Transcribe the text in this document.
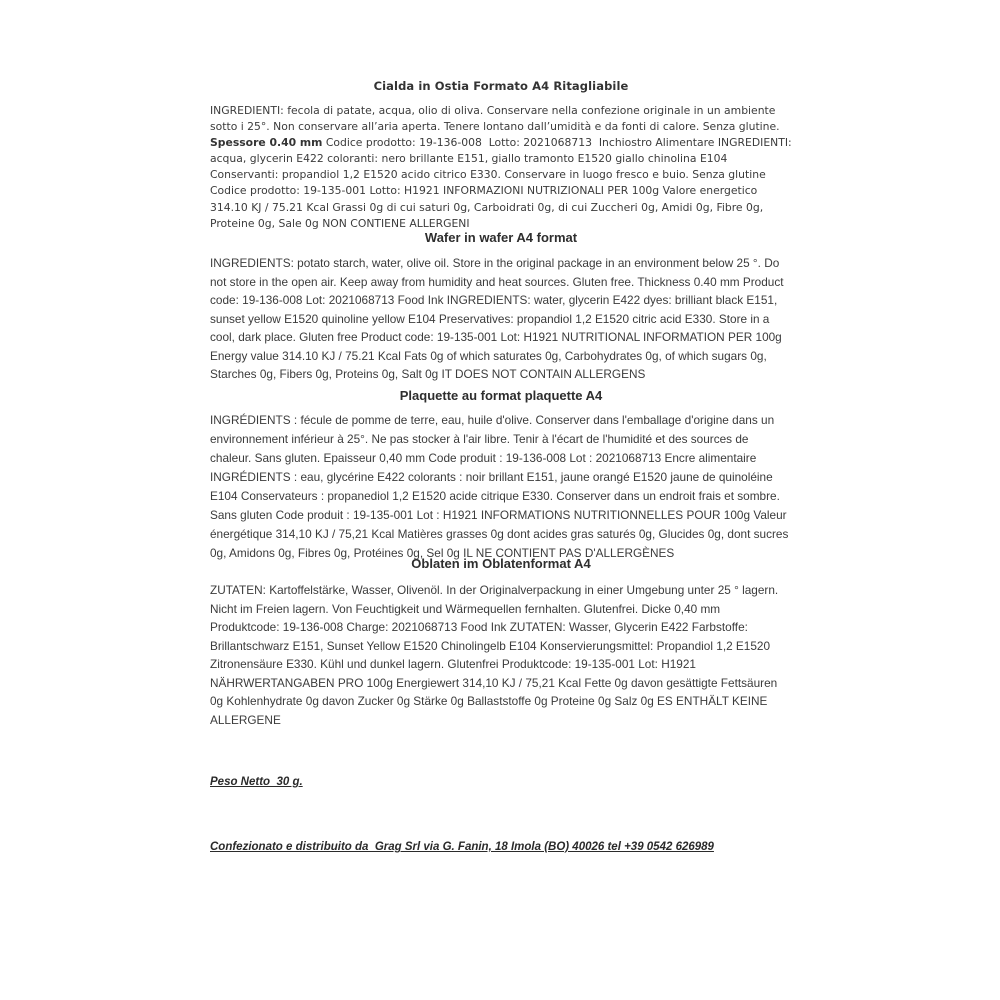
Cialda in Ostia Formato A4 Ritagliabile
INGREDIENTI: fecola di patate, acqua, olio di oliva. Conservare nella confezione originale in un ambiente sotto i 25°. Non conservare all’aria aperta. Tenere lontano dall’umidità e da fonti di calore. Senza glutine. Spessore 0.40 mm Codice prodotto: 19-136-008  Lotto: 2021068713  Inchiostro Alimentare INGREDIENTI: acqua, glycerin E422 coloranti: nero brillante E151, giallo tramonto E1520 giallo chinolina E104 Conservanti: propandiol 1,2 E1520 acido citrico E330. Conservare in luogo fresco e buio. Senza glutine Codice prodotto: 19-135-001 Lotto: H1921 INFORMAZIONI NUTRIZIONALI PER 100g Valore energetico 314.10 KJ / 75.21 Kcal Grassi 0g di cui saturi 0g, Carboidrati 0g, di cui Zuccheri 0g, Amidi 0g, Fibre 0g, Proteine 0g, Sale 0g NON CONTIENE ALLERGENI
Wafer in wafer A4 format
INGREDIENTS: potato starch, water, olive oil. Store in the original package in an environment below 25 °. Do not store in the open air. Keep away from humidity and heat sources. Gluten free. Thickness 0.40 mm Product code: 19-136-008 Lot: 2021068713 Food Ink INGREDIENTS: water, glycerin E422 dyes: brilliant black E151, sunset yellow E1520 quinoline yellow E104 Preservatives: propandiol 1,2 E1520 citric acid E330. Store in a cool, dark place. Gluten free Product code: 19-135-001 Lot: H1921 NUTRITIONAL INFORMATION PER 100g Energy value 314.10 KJ / 75.21 Kcal Fats 0g of which saturates 0g, Carbohydrates 0g, of which sugars 0g, Starches 0g, Fibers 0g, Proteins 0g, Salt 0g IT DOES NOT CONTAIN ALLERGENS
Plaquette au format plaquette A4
INGRÉDIENTS : fécule de pomme de terre, eau, huile d'olive. Conserver dans l'emballage d'origine dans un environnement inférieur à 25°. Ne pas stocker à l'air libre. Tenir à l'écart de l'humidité et des sources de chaleur. Sans gluten. Epaisseur 0,40 mm Code produit : 19-136-008 Lot : 2021068713 Encre alimentaire INGRÉDIENTS : eau, glycérine E422 colorants : noir brillant E151, jaune orangé E1520 jaune de quinoléine E104 Conservateurs : propanediol 1,2 E1520 acide citrique E330. Conserver dans un endroit frais et sombre. Sans gluten Code produit : 19-135-001 Lot : H1921 INFORMATIONS NUTRITIONNELLES POUR 100g Valeur énergétique 314,10 KJ / 75,21 Kcal Matières grasses 0g dont acides gras saturés 0g, Glucides 0g, dont sucres 0g, Amidons 0g, Fibres 0g, Protéines 0g, Sel 0g IL NE CONTIENT PAS D'ALLERGÈNES
Oblaten im Oblatenformat A4
ZUTATEN: Kartoffelstärke, Wasser, Olivenöl. In der Originalverpackung in einer Umgebung unter 25 ° lagern. Nicht im Freien lagern. Von Feuchtigkeit und Wärmequellen fernhalten. Glutenfrei. Dicke 0,40 mm Produktcode: 19-136-008 Charge: 2021068713 Food Ink ZUTATEN: Wasser, Glycerin E422 Farbstoffe: Brillantschwarz E151, Sunset Yellow E1520 Chinolingelb E104 Konservierungsmittel: Propandiol 1,2 E1520 Zitronensäure E330. Kühl und dunkel lagern. Glutenfrei Produktcode: 19-135-001 Lot: H1921 NÄHRWERTANGABEN PRO 100g Energiewert 314,10 KJ / 75,21 Kcal Fette 0g davon gesättigte Fettsäuren 0g Kohlenhydrate 0g davon Zucker 0g Stärke 0g Ballaststoffe 0g Proteine 0g Salz 0g ES ENTHÄLT KEINE ALLERGENE
Peso Netto  30 g.
Confezionato e distribuito da  Grag Srl via G. Fanin, 18 Imola (BO) 40026 tel +39 0542 626989
